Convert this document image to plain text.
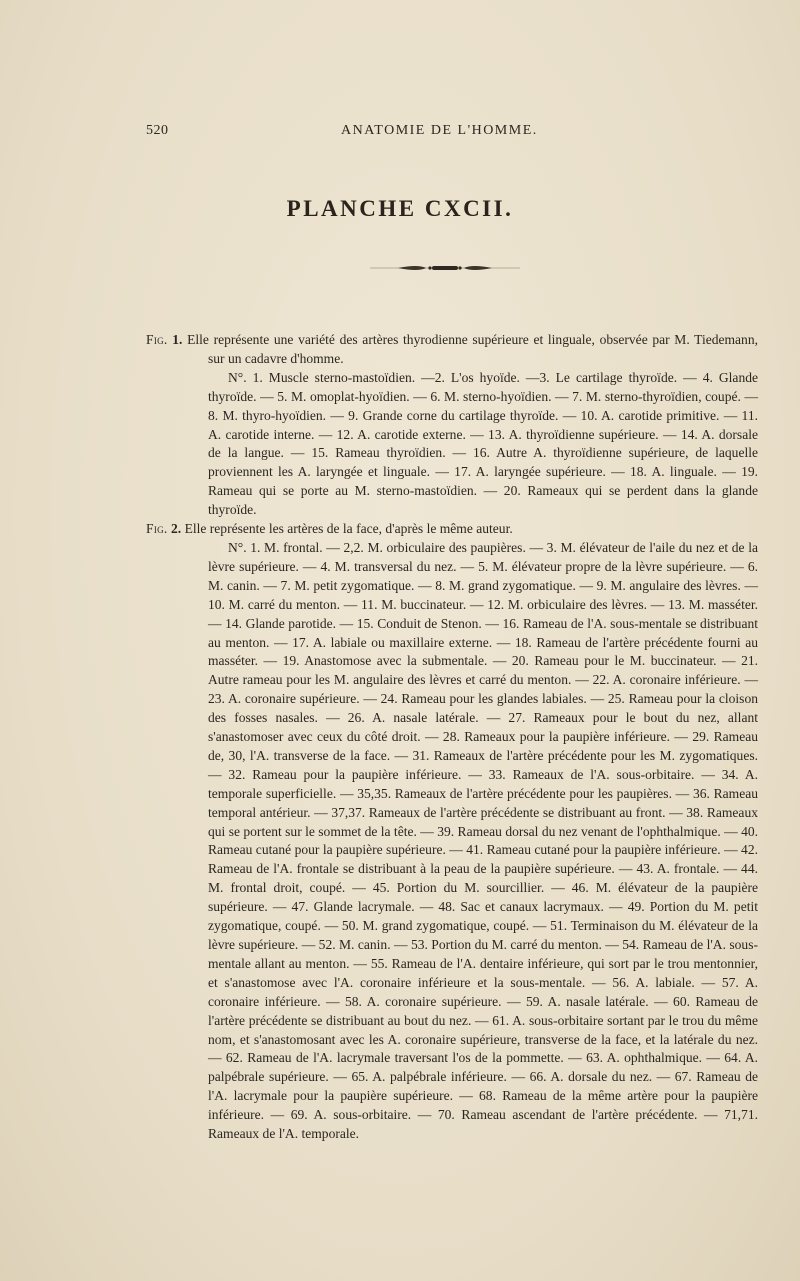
520	ANATOMIE DE L'HOMME.
PLANCHE CXCII.

Fig. 1. Elle représente une variété des artères thyrodienne supérieure et linguale, observée par M. Tiedemann, sur un cadavre d'homme.

N°. 1. Muscle sterno-mastoïdien. —2. L'os hyoïde. —3. Le cartilage thyroïde. — 4. Glande thyroïde. — 5. M. omoplat-hyoïdien. — 6. M. sterno-hyoïdien. — 7. M. sterno-thyroïdien, coupé. — 8. M. thyro-hyoïdien. — 9. Grande corne du cartilage thyroïde. — 10. A. carotide primitive. — 11. A. carotide interne. — 12. A. carotide externe. — 13. A. thyroïdienne supérieure. — 14. A. dorsale de la langue. — 15. Rameau thyroïdien. — 16. Autre A. thyroïdienne supérieure, de laquelle proviennent les A. laryngée et linguale. — 17. A. laryngée supérieure. — 18. A. linguale. — 19. Rameau qui se porte au M. sterno-mastoïdien. — 20. Rameaux qui se perdent dans la glande thyroïde.

Fig. 2. Elle représente les artères de la face, d'après le même auteur.

N°. 1. M. frontal. — 2,2. M. orbiculaire des paupières. — 3. M. élévateur de l'aile du nez et de la lèvre supérieure. — 4. M. transversal du nez. — 5. M. élévateur propre de la lèvre supérieure. — 6. M. canin. — 7. M. petit zygomatique. — 8. M. grand zygomatique. — 9. M. angulaire des lèvres. — 10. M. carré du menton. — 11. M. buccinateur. — 12. M. orbiculaire des lèvres. — 13. M. masséter. — 14. Glande parotide. — 15. Conduit de Stenon. — 16. Rameau de l'A. sous-mentale se distribuant au menton. — 17. A. labiale ou maxillaire externe. — 18. Rameau de l'artère précédente fourni au masséter. — 19. Anastomose avec la submentale. — 20. Rameau pour le M. buccinateur. — 21. Autre rameau pour les M. angulaire des lèvres et carré du menton. — 22. A. coronaire inférieure. — 23. A. coronaire supérieure. — 24. Rameau pour les glandes labiales. — 25. Rameau pour la cloison des fosses nasales. — 26. A. nasale latérale. — 27. Rameaux pour le bout du nez, allant s'anastomoser avec ceux du côté droit. — 28. Rameaux pour la paupière inférieure. — 29. Rameau de, 30, l'A. transverse de la face. — 31. Rameaux de l'artère précédente pour les M. zygomatiques. — 32. Rameau pour la paupière inférieure. — 33. Rameaux de l'A. sous-orbitaire. — 34. A. temporale superficielle. — 35,35. Rameaux de l'artère précédente pour les paupières. — 36. Rameau temporal antérieur. — 37,37. Rameaux de l'artère précédente se distribuant au front. — 38. Rameaux qui se portent sur le sommet de la tête. — 39. Rameau dorsal du nez venant de l'ophthalmique. — 40. Rameau cutané pour la paupière supérieure. — 41. Rameau cutané pour la paupière inférieure. — 42. Rameau de l'A. frontale se distribuant à la peau de la paupière supérieure. — 43. A. frontale. — 44. M. frontal droit, coupé. — 45. Portion du M. sourcillier. — 46. M. élévateur de la paupière supérieure. — 47. Glande lacrymale. — 48. Sac et canaux lacrymaux. — 49. Portion du M. petit zygomatique, coupé. — 50. M. grand zygomatique, coupé. — 51. Terminaison du M. élévateur de la lèvre supérieure. — 52. M. canin. — 53. Portion du M. carré du menton. — 54. Rameau de l'A. sous-mentale allant au menton. — 55. Rameau de l'A. dentaire inférieure, qui sort par le trou mentonnier, et s'anastomose avec l'A. coronaire inférieure et la sous-mentale. — 56. A. labiale. — 57. A. coronaire inférieure. — 58. A. coronaire supérieure. — 59. A. nasale latérale. — 60. Rameau de l'artère précédente se distribuant au bout du nez. — 61. A. sous-orbitaire sortant par le trou du même nom, et s'anastomosant avec les A. coronaire supérieure, transverse de la face, et la latérale du nez. — 62. Rameau de l'A. lacrymale traversant l'os de la pommette. — 63. A. ophthalmique. — 64. A. palpébrale supérieure. — 65. A. palpébrale inférieure. — 66. A. dorsale du nez. — 67. Rameau de l'A. lacrymale pour la paupière supérieure. — 68. Rameau de la même artère pour la paupière inférieure. — 69. A. sous-orbitaire. — 70. Rameau ascendant de l'artère précédente. — 71,71. Rameaux de l'A. temporale.
